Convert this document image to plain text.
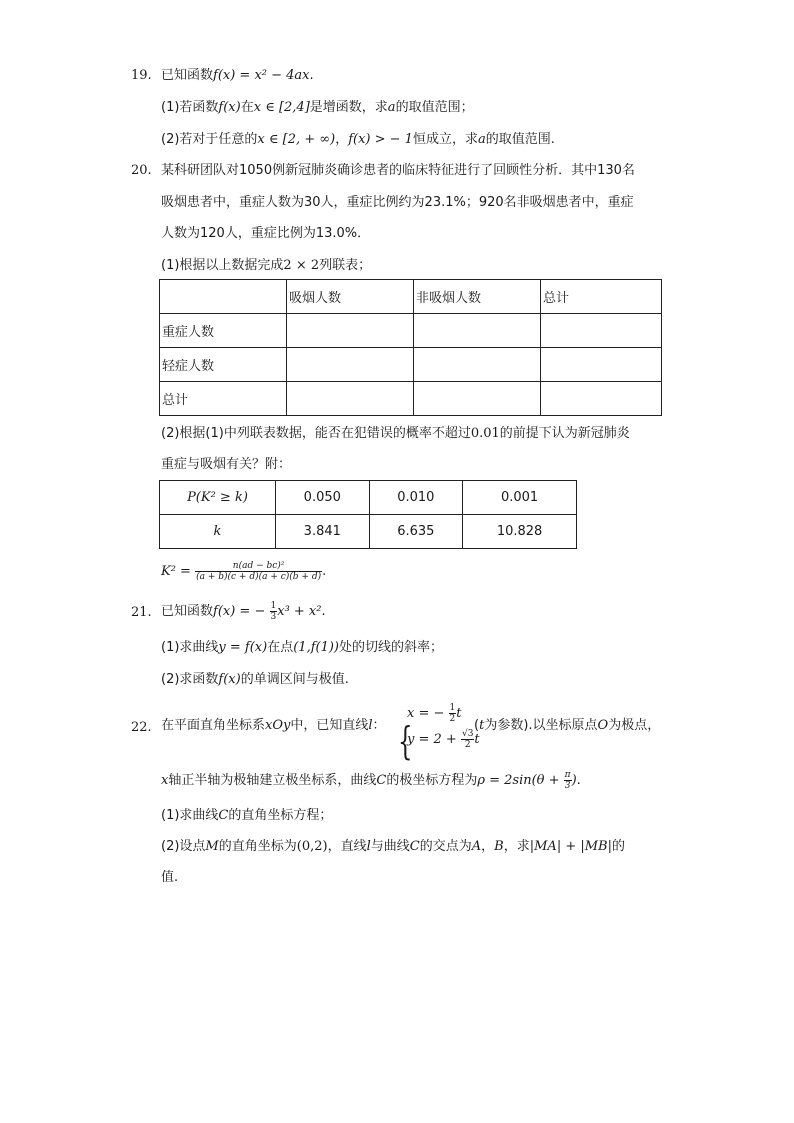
19. 已知函数f(x) = x² − 4ax.
(1)若函数f(x)在x ∈ [2,4]是增函数，求a的取值范围；
(2)若对于任意的x ∈ [2, + ∞)，f(x) > − 1恒成立，求a的取值范围.
20. 某科研团队对1050例新冠肺炎确诊患者的临床特征进行了回顾性分析．其中130名
吸烟患者中，重症人数为30人，重症比例约为23.1%；920名非吸烟患者中，重症
人数为120人，重症比例为13.0%．
(1)根据以上数据完成2 × 2列联表；
	吸烟人数	非吸烟人数	总计
重症人数			
轻症人数			
总计			
(2)根据(1)中列联表数据，能否在犯错误的概率不超过0.01的前提下认为新冠肺炎
重症与吸烟有关？附：
P(K² ≥ k)	0.050	0.010	0.001
k	3.841	6.635	10.828
$K^2 = \frac{\text{n(ad − bc)²}}{(a + b)(c + d)(a + c)(b + d)}$ .
21. 已知函数f(x) = − $\frac{1}{3} x^3 + x^2$.
(1)求曲线y = f(x)在点(1,f(1))处的切线的斜率；
(2)求函数f(x)的单调区间与极值.
22. 在平面直角坐标系xOy中，已知直线l： {
x = − $\frac{1}{2}$ t
$y = 2 + \frac{√3}{2}$ t
(t为参数).以坐标原点O为极点，
x轴正半轴为极轴建立极坐标系，曲线C的极坐标方程为$\rho = 2\sin(\theta + \frac{\pi}{3}$ ).
(1)求曲线C的直角坐标方程；
(2)设点M的直角坐标为(0,2)，直线l与曲线C的交点为A，B，求|MA| + |MB|的
值.
